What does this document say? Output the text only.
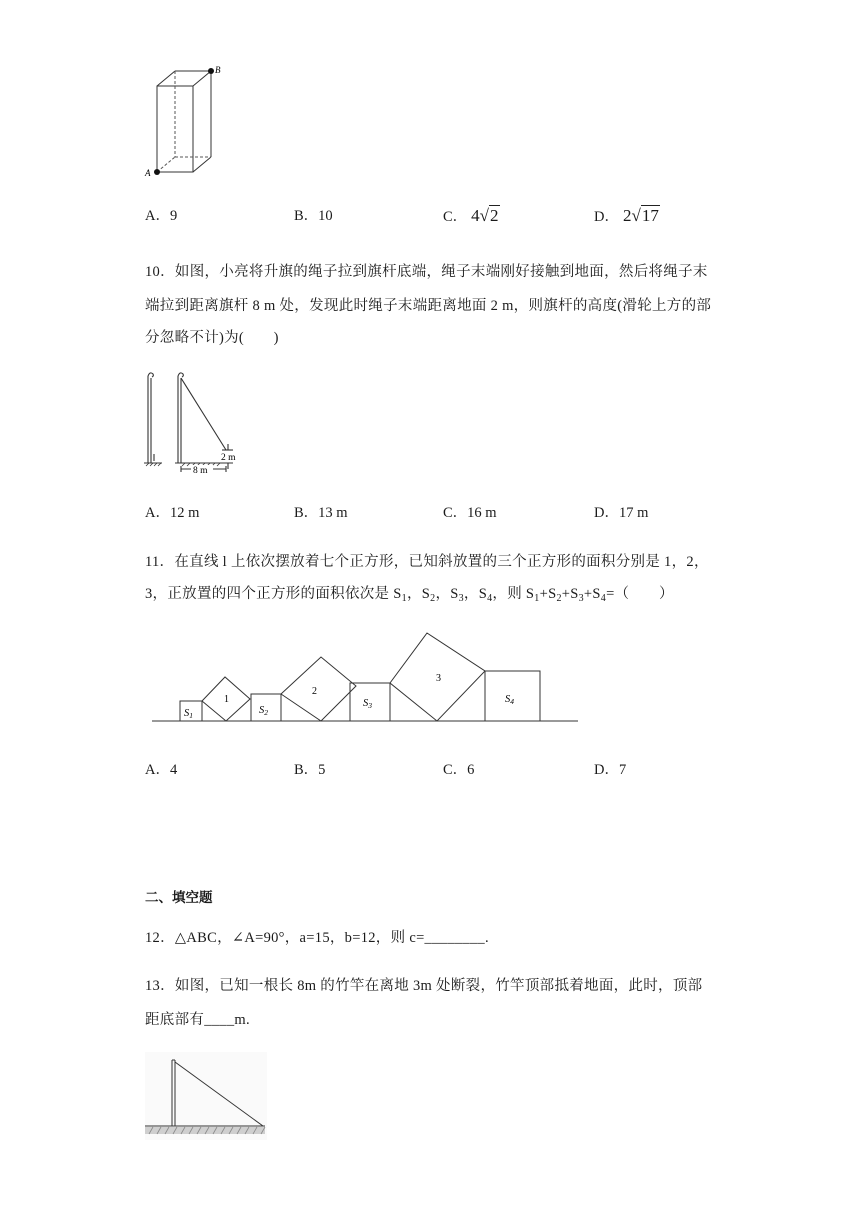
A
B
A．9	B．10	C． 4√2	D． 2√17
10．如图，小亮将升旗的绳子拉到旗杆底端，绳子末端刚好接触到地面，然后将绳子末
端拉到距离旗杆 8 m 处，发现此时绳子末端距离地面 2 m，则旗杆的高度(滑轮上方的部
分忽略不计)为(　　)
2 m
8 m
A．12 m	B．13 m	C．16 m	D．17 m
11．在直线 l 上依次摆放着七个正方形，已知斜放置的三个正方形的面积分别是 1，2，
3，正放置的四个正方形的面积依次是 $S_1$，$S_2$，$S_3$，$S_4$，则 $S_1+S_2+S_3+S_4=$（　　）
S1	S2
S3
S4
1
2
3
A．4	B．5	C．6	D．7
二、填空题
12．△ABC，∠A=90°，a=15，b=12，则 c=________.
13．如图，已知一根长 8m 的竹竿在离地 3m 处断裂，竹竿顶部抵着地面，此时，顶部
距底部有____m.
